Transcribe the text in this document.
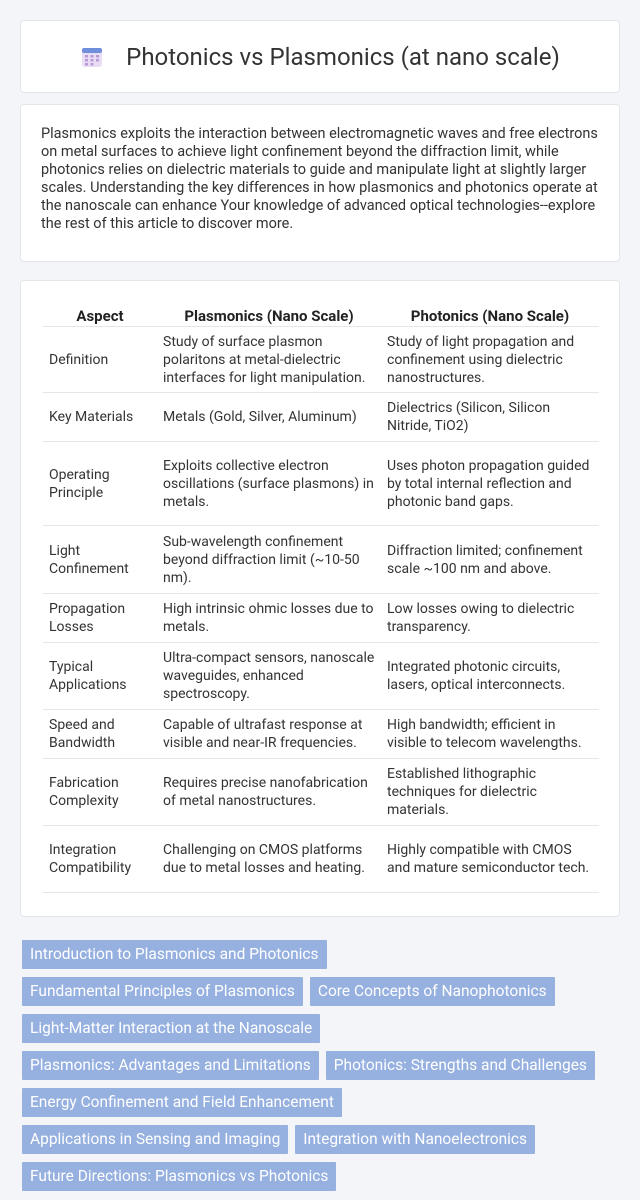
Photonics vs Plasmonics (at nano scale)

Plasmonics exploits the interaction between electromagnetic waves and free electrons on metal surfaces to achieve light confinement beyond the diffraction limit, while photonics relies on dielectric materials to guide and manipulate light at slightly larger scales. Understanding the key differences in how plasmonics and photonics operate at the nanoscale can enhance Your knowledge of advanced optical technologies--explore the rest of this article to discover more.

Aspect	Plasmonics (Nano Scale)	Photonics (Nano Scale)
Definition	Study of surface plasmon polaritons at metal-dielectric interfaces for light manipulation.	Study of light propagation and confinement using dielectric nanostructures.
Key Materials	Metals (Gold, Silver, Aluminum)	Dielectrics (Silicon, Silicon Nitride, TiO2)
Operating Principle	Exploits collective electron oscillations (surface plasmons) in metals.	Uses photon propagation guided by total internal reflection and photonic band gaps.
Light Confinement	Sub-wavelength confinement beyond diffraction limit (~10-50 nm).	Diffraction limited; confinement scale ~100 nm and above.
Propagation Losses	High intrinsic ohmic losses due to metals.	Low losses owing to dielectric transparency.
Typical Applications	Ultra-compact sensors, nanoscale waveguides, enhanced spectroscopy.	Integrated photonic circuits, lasers, optical interconnects.
Speed and Bandwidth	Capable of ultrafast response at visible and near-IR frequencies.	High bandwidth; efficient in visible to telecom wavelengths.
Fabrication Complexity	Requires precise nanofabrication of metal nanostructures.	Established lithographic techniques for dielectric materials.
Integration Compatibility	Challenging on CMOS platforms due to metal losses and heating.	Highly compatible with CMOS and mature semiconductor tech.
Introduction to Plasmonics and Photonics
Fundamental Principles of Plasmonics	Core Concepts of Nanophotonics
Light-Matter Interaction at the Nanoscale
Plasmonics: Advantages and Limitations	Photonics: Strengths and Challenges
Energy Confinement and Field Enhancement
Applications in Sensing and Imaging	Integration with Nanoelectronics
Future Directions: Plasmonics vs Photonics
